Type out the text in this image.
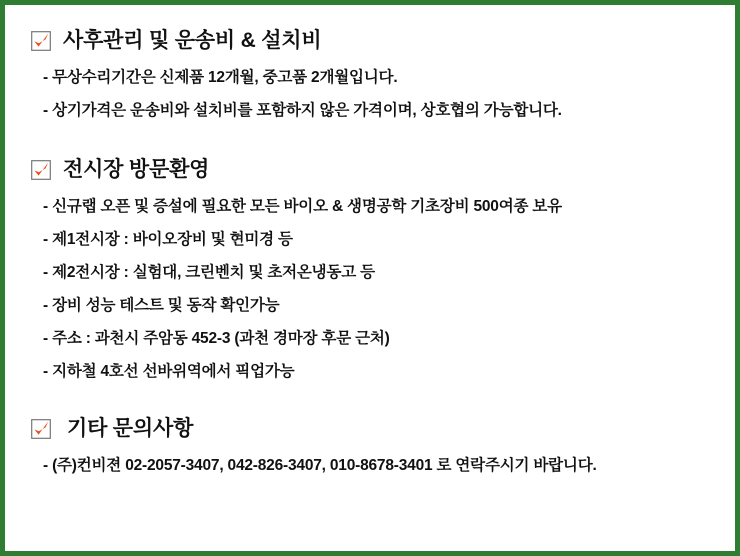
사후관리 및 운송비 & 설치비
- 무상수리기간은 신제품 12개월, 중고품 2개월입니다.
- 상기가격은 운송비와 설치비를 포함하지 않은 가격이며, 상호협의 가능합니다.
전시장 방문환영
- 신규랩 오픈 및 증설에 필요한 모든 바이오 & 생명공학 기초장비 500여종 보유
- 제1전시장 : 바이오장비 및 현미경 등
- 제2전시장 : 실험대, 크린벤치 및 초저온냉동고 등
- 장비 성능 테스트 및 동작 확인가능
- 주소 : 과천시 주암동 452-3 (과천 경마장 후문 근처)
- 지하철 4호선 선바위역에서 픽업가능
기타 문의사항
- (주)컨비젼 02-2057-3407, 042-826-3407, 010-8678-3401 로 연락주시기 바랍니다.
